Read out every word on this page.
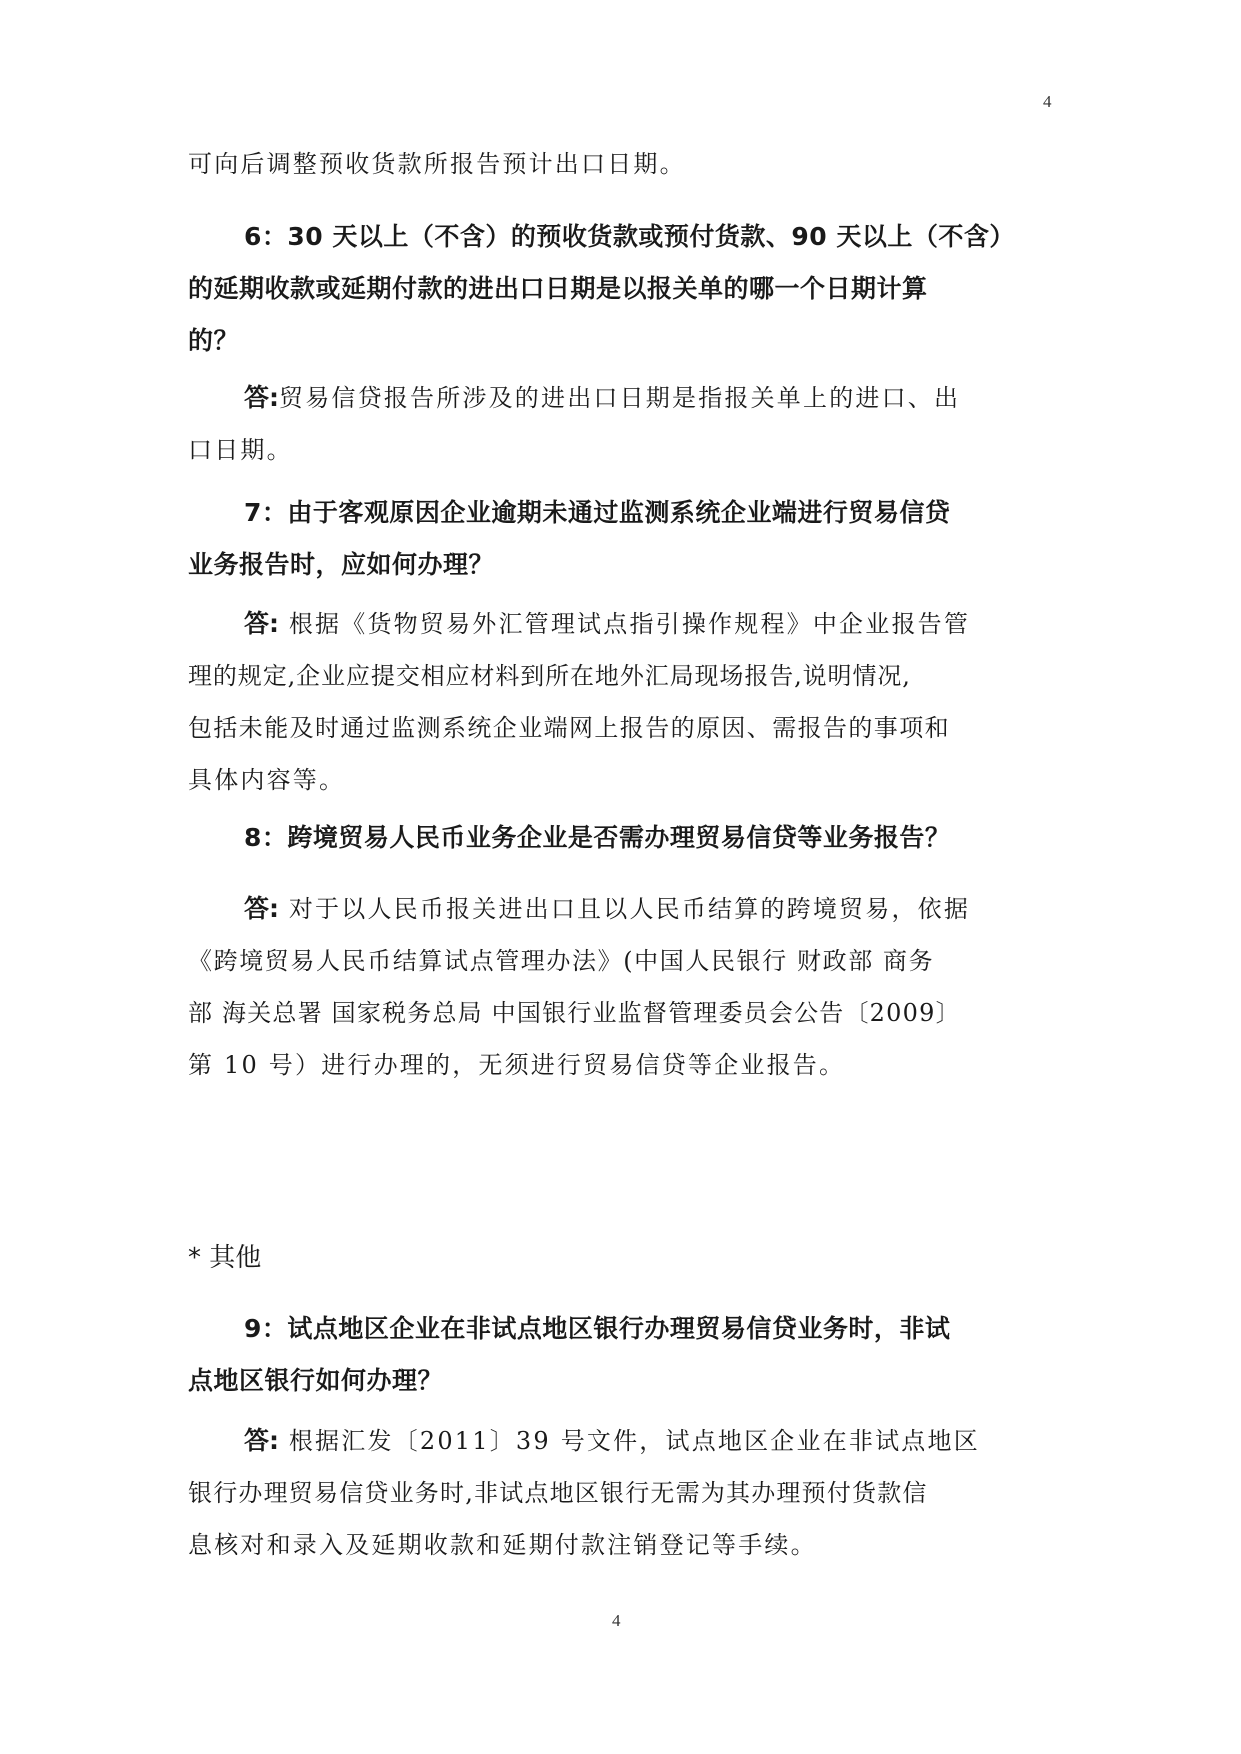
4
可向后调整预收货款所报告预计出口日期。
6：30 天以上（不含）的预收货款或预付货款、90 天以上（不含）
的延期收款或延期付款的进出口日期是以报关单的哪一个日期计算
的？
答:贸易信贷报告所涉及的进出口日期是指报关单上的进口、出
口日期。
7：由于客观原因企业逾期未通过监测系统企业端进行贸易信贷
业务报告时，应如何办理？
答: 根据《货物贸易外汇管理试点指引操作规程》中企业报告管
理的规定,企业应提交相应材料到所在地外汇局现场报告,说明情况,
包括未能及时通过监测系统企业端网上报告的原因、需报告的事项和
具体内容等。
8：跨境贸易人民币业务企业是否需办理贸易信贷等业务报告？
答: 对于以人民币报关进出口且以人民币结算的跨境贸易，依据
《跨境贸易人民币结算试点管理办法》(中国人民银行 财政部 商务
部 海关总署 国家税务总局 中国银行业监督管理委员会公告〔2009〕
第 10 号）进行办理的，无须进行贸易信贷等企业报告。
* 其他
9：试点地区企业在非试点地区银行办理贸易信贷业务时，非试
点地区银行如何办理？
答: 根据汇发〔2011〕39 号文件，试点地区企业在非试点地区
银行办理贸易信贷业务时,非试点地区银行无需为其办理预付货款信
息核对和录入及延期收款和延期付款注销登记等手续。
4
